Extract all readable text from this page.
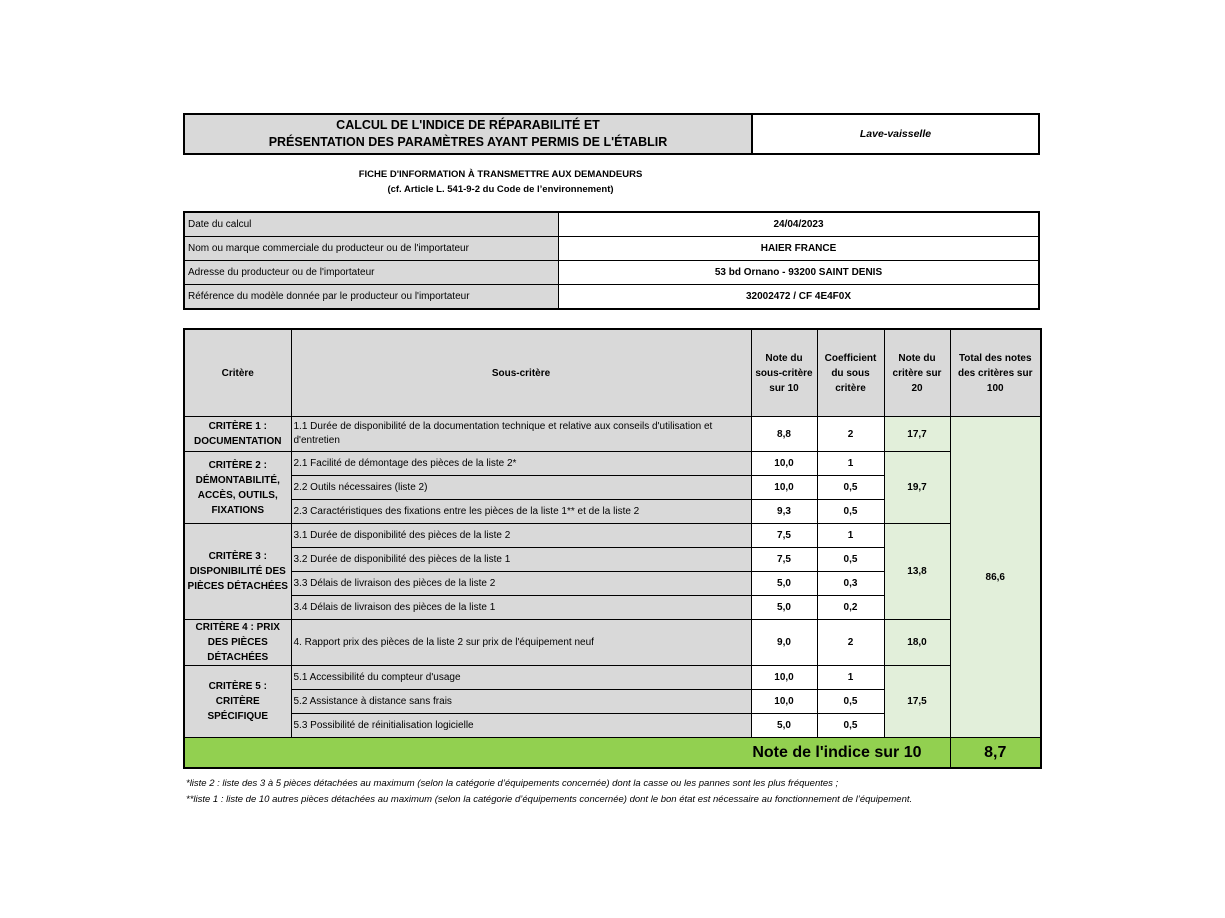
CALCUL DE L'INDICE DE RÉPARABILITÉ ET
PRÉSENTATION DES PARAMÈTRES AYANT PERMIS DE L'ÉTABLIR
Lave-vaisselle
FICHE D'INFORMATION À TRANSMETTRE AUX DEMANDEURS
(cf. Article L. 541-9-2 du Code de l’environnement)
Date du calcul	24/04/2023
Nom ou marque commerciale du producteur ou de l'importateur	HAIER FRANCE
Adresse du producteur ou de l'importateur	53 bd Ornano - 93200 SAINT DENIS
Référence du modèle donnée par le producteur ou l'importateur	32002472 / CF 4E4F0X
Critère	Sous-critère	Note du sous-critère sur 10	Coefficient du sous critère	Note du critère sur 20	Total des notes des critères sur 100
CRITÈRE 1 : DOCUMENTATION	1.1 Durée de disponibilité de la documentation technique et relative aux conseils d'utilisation et d'entretien	8,8	2	17,7	86,6
CRITÈRE 2 : DÉMONTABILITÉ, ACCÈS, OUTILS, FIXATIONS	2.1 Facilité de démontage des pièces de la liste 2*	10,0	1	19,7	
	2.2 Outils nécessaires (liste 2)	10,0	0,5		
	2.3 Caractéristiques des fixations entre les pièces de la liste 1** et de la liste 2	9,3	0,5		
CRITÈRE 3 : DISPONIBILITÉ DES PIÈCES DÉTACHÉES	3.1 Durée de disponibilité des pièces de la liste 2	7,5	1	13,8	
	3.2 Durée de disponibilité des pièces de la liste 1	7,5	0,5		
	3.3 Délais de livraison des pièces de la liste 2	5,0	0,3		
	3.4 Délais de livraison des pièces de la liste 1	5,0	0,2		
CRITÈRE 4 : PRIX DES PIÈCES DÉTACHÉES	4. Rapport prix des pièces de la liste 2 sur prix de l'équipement neuf	9,0	2	18,0	
CRITÈRE 5 : CRITÈRE SPÉCIFIQUE	5.1 Accessibilité du compteur d'usage	10,0	1	17,5	
	5.2 Assistance à distance sans frais	10,0	0,5		
	5.3 Possibilité de réinitialisation logicielle	5,0	0,5		
Note de l'indice sur 10					8,7
*liste 2 : liste des 3 à 5 pièces détachées au maximum (selon la catégorie d’équipements concernée) dont la casse ou les pannes sont les plus fréquentes ;
**liste 1 : liste de 10 autres pièces détachées au maximum (selon la catégorie d’équipements concernée) dont le bon état est nécessaire au fonctionnement de l’équipement.
